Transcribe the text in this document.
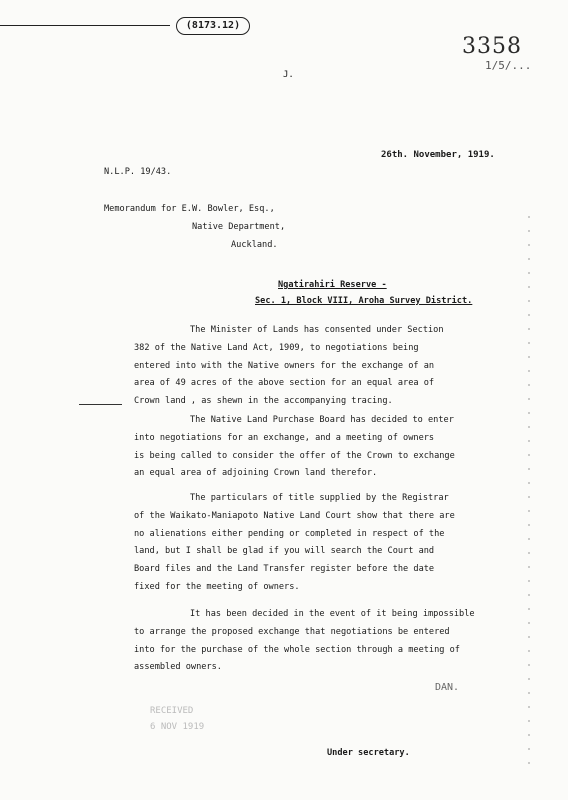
(8173.12)
3358
1/5/...
J.
26th. November, 1919.
N.L.P. 19/43.
Memorandum for E.W. Bowler, Esq.,
Native Department,
Auckland.
Ngatirahiri Reserve -
Sec. 1, Block VIII, Aroha Survey District.
The Minister of Lands has consented under Section
382 of the Native Land Act, 1909, to negotiations being
entered into with the Native owners for the exchange of an
area of 49 acres of the above section for an equal area of
Crown land , as shewn in the accompanying tracing.
The Native Land Purchase Board has decided to enter
into negotiations for an exchange, and a meeting of owners
is being called to consider the offer of the Crown to exchange
an equal area of adjoining Crown land therefor.
The particulars of title supplied by the Registrar
of the Waikato-Maniapoto Native Land Court show that there are
no alienations either pending or completed in respect of the
land, but I shall be glad if you will search the Court and
Board files and the Land Transfer register before the date
fixed for the meeting of owners.
It has been decided in the event of it being impossible
to arrange the proposed exchange that negotiations be entered
into for the purchase of the whole section through a meeting of
assembled owners.
DAN.
RECEIVED
6 NOV 1919
Under secretary.
